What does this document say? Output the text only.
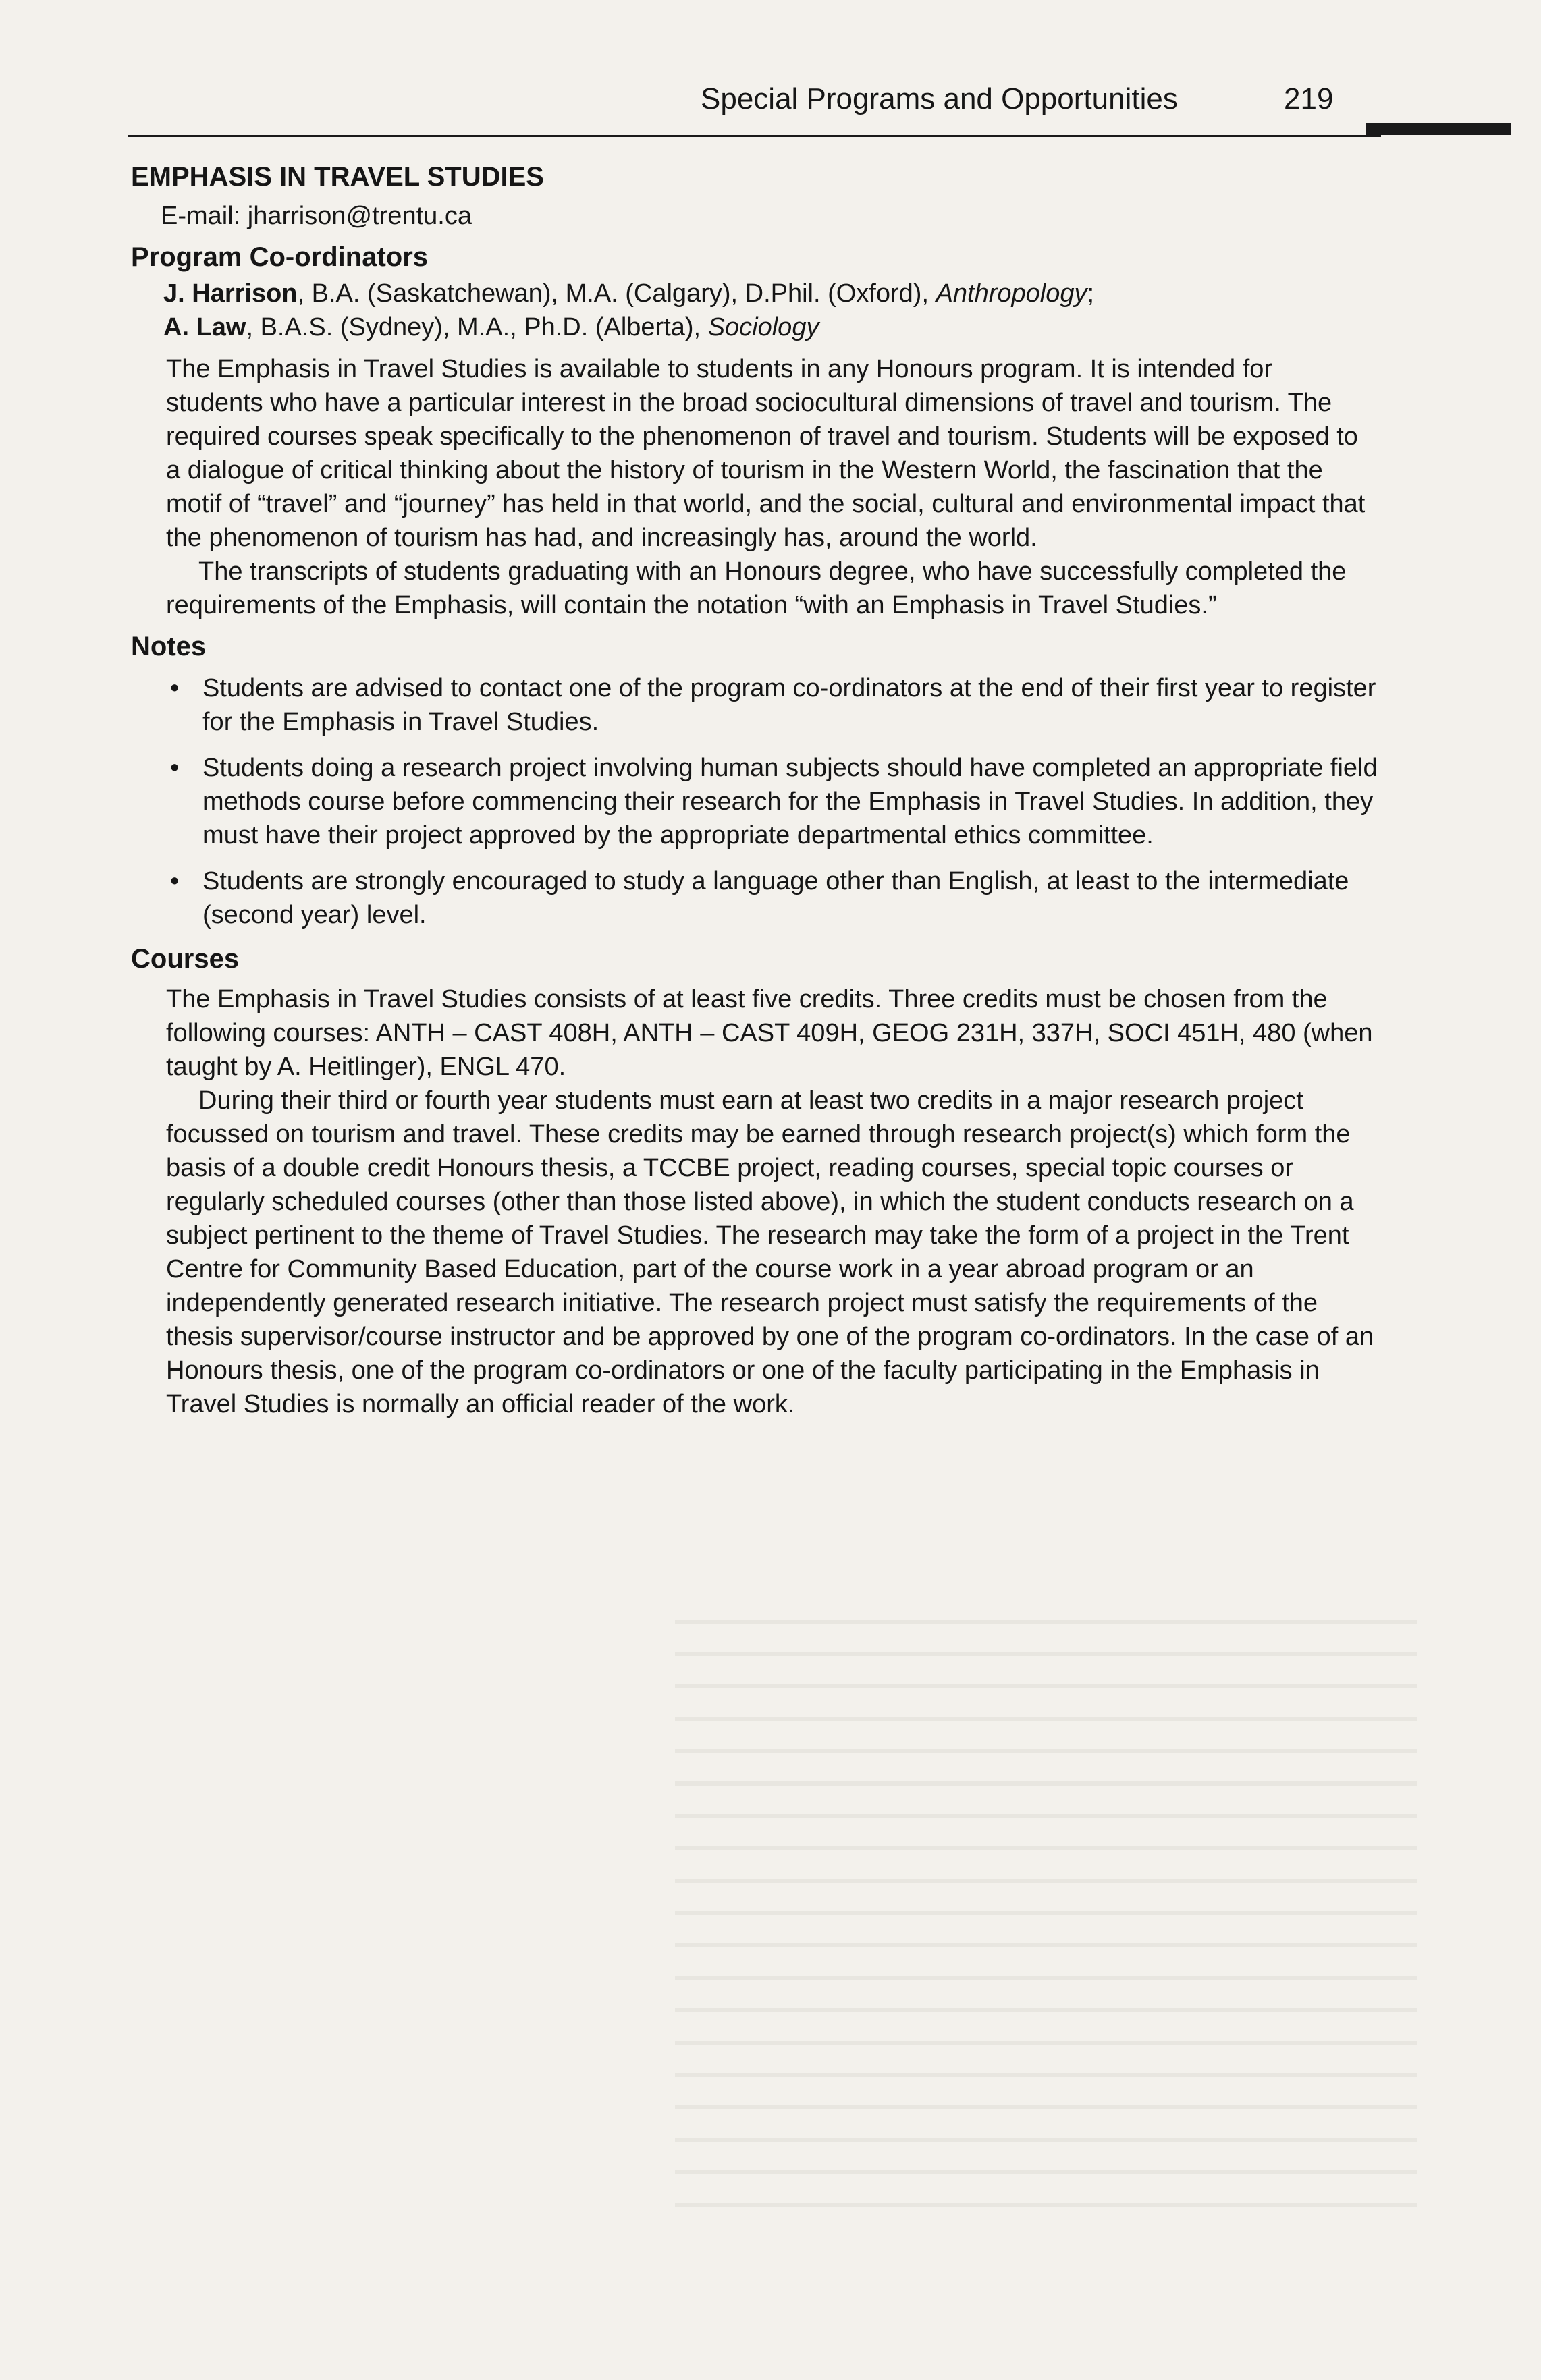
Special Programs and Opportunities	219
EMPHASIS IN TRAVEL STUDIES
E-mail: jharrison@trentu.ca
Program Co-ordinators
J. Harrison, B.A. (Saskatchewan), M.A. (Calgary), D.Phil. (Oxford), Anthropology;
A. Law, B.A.S. (Sydney), M.A., Ph.D. (Alberta), Sociology

The Emphasis in Travel Studies is available to students in any Honours program. It is intended for students who have a particular interest in the broad sociocultural dimensions of travel and tourism. The required courses speak specifically to the phenomenon of travel and tourism. Students will be exposed to a dialogue of critical thinking about the history of tourism in the Western World, the fascination that the motif of “travel” and “journey” has held in that world, and the social, cultural and environmental impact that the phenomenon of tourism has had, and increasingly has, around the world.

The transcripts of students graduating with an Honours degree, who have successfully completed the requirements of the Emphasis, will contain the notation “with an Emphasis in Travel Studies.”

Notes
• Students are advised to contact one of the program co-ordinators at the end of their first year to register for the Emphasis in Travel Studies.
• Students doing a research project involving human subjects should have completed an appropriate field methods course before commencing their research for the Emphasis in Travel Studies. In addition, they must have their project approved by the appropriate departmental ethics committee.
• Students are strongly encouraged to study a language other than English, at least to the intermediate (second year) level.
Courses

The Emphasis in Travel Studies consists of at least five credits. Three credits must be chosen from the following courses: ANTH – CAST 408H, ANTH – CAST 409H, GEOG 231H, 337H, SOCI 451H, 480 (when taught by A. Heitlinger), ENGL 470.

During their third or fourth year students must earn at least two credits in a major research project focussed on tourism and travel. These credits may be earned through research project(s) which form the basis of a double credit Honours thesis, a TCCBE project, reading courses, special topic courses or regularly scheduled courses (other than those listed above), in which the student conducts research on a subject pertinent to the theme of Travel Studies. The research may take the form of a project in the Trent Centre for Community Based Education, part of the course work in a year abroad program or an independently generated research initiative. The research project must satisfy the requirements of the thesis supervisor/course instructor and be approved by one of the program co-ordinators. In the case of an Honours thesis, one of the program co-ordinators or one of the faculty participating in the Emphasis in Travel Studies is normally an official reader of the work.
